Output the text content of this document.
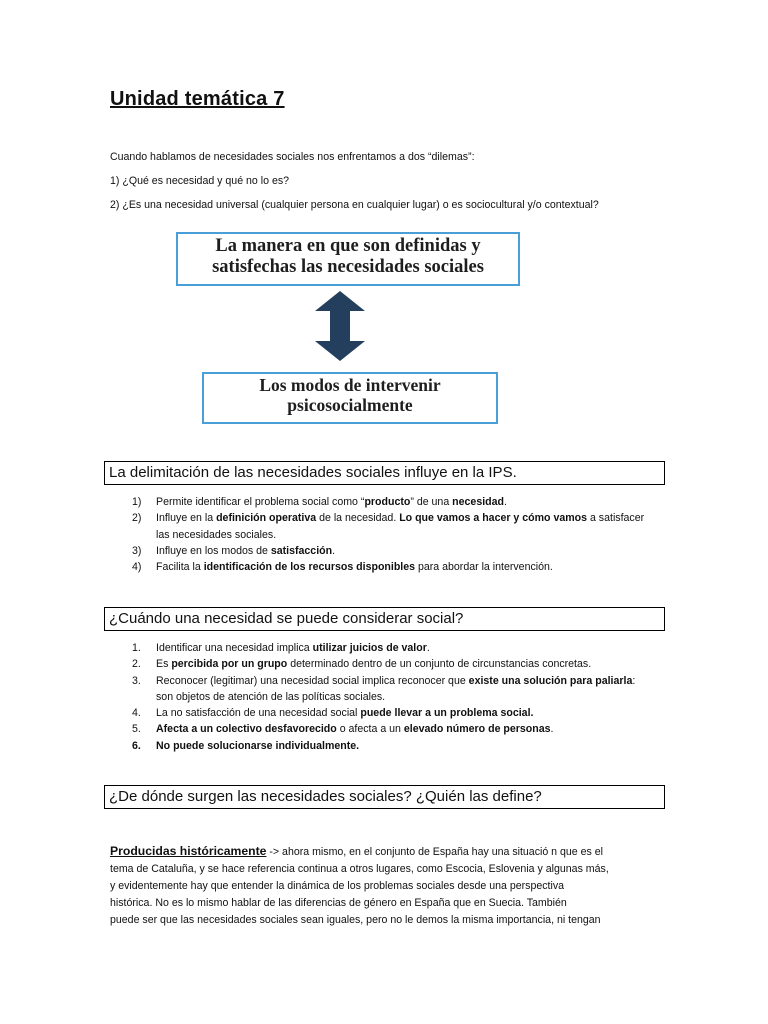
Unidad temática 7
Cuando hablamos de necesidades sociales nos enfrentamos a dos “dilemas”:
1) ¿Qué es necesidad y qué no lo es?
2) ¿Es una necesidad universal (cualquier persona en cualquier lugar) o es sociocultural y/o contextual?
La manera en que son definidas y
satisfechas las necesidades sociales
Los modos de intervenir
psicosocialmente
La delimitación de las necesidades sociales influye en la IPS.
1) Permite identificar el problema social como “producto” de una necesidad.
2) Influye en la definición operativa de la necesidad. Lo que vamos a hacer y cómo vamos a satisfacer las necesidades sociales.
3) Influye en los modos de satisfacción.
4) Facilita la identificación de los recursos disponibles para abordar la intervención.
¿Cuándo una necesidad se puede considerar social?
1. Identificar una necesidad implica utilizar juicios de valor.
2. Es percibida por un grupo determinado dentro de un conjunto de circunstancias concretas.
3. Reconocer (legitimar) una necesidad social implica reconocer que existe una solución para paliarla: son objetos de atención de las políticas sociales.
4. La no satisfacción de una necesidad social puede llevar a un problema social.
5. Afecta a un colectivo desfavorecido o afecta a un elevado número de personas.
6. No puede solucionarse individualmente.
¿De dónde surgen las necesidades sociales? ¿Quién las define?
Producidas históricamente -> ahora mismo, en el conjunto de España hay una situació n que es el
tema de Cataluña, y se hace referencia continua a otros lugares, como Escocia, Eslovenia y algunas más,
y evidentemente hay que entender la dinámica de los problemas sociales desde una perspectiva
histórica. No es lo mismo hablar de las diferencias de género en España que en Suecia. También
puede ser que las necesidades sociales sean iguales, pero no le demos la misma importancia, ni tengan
